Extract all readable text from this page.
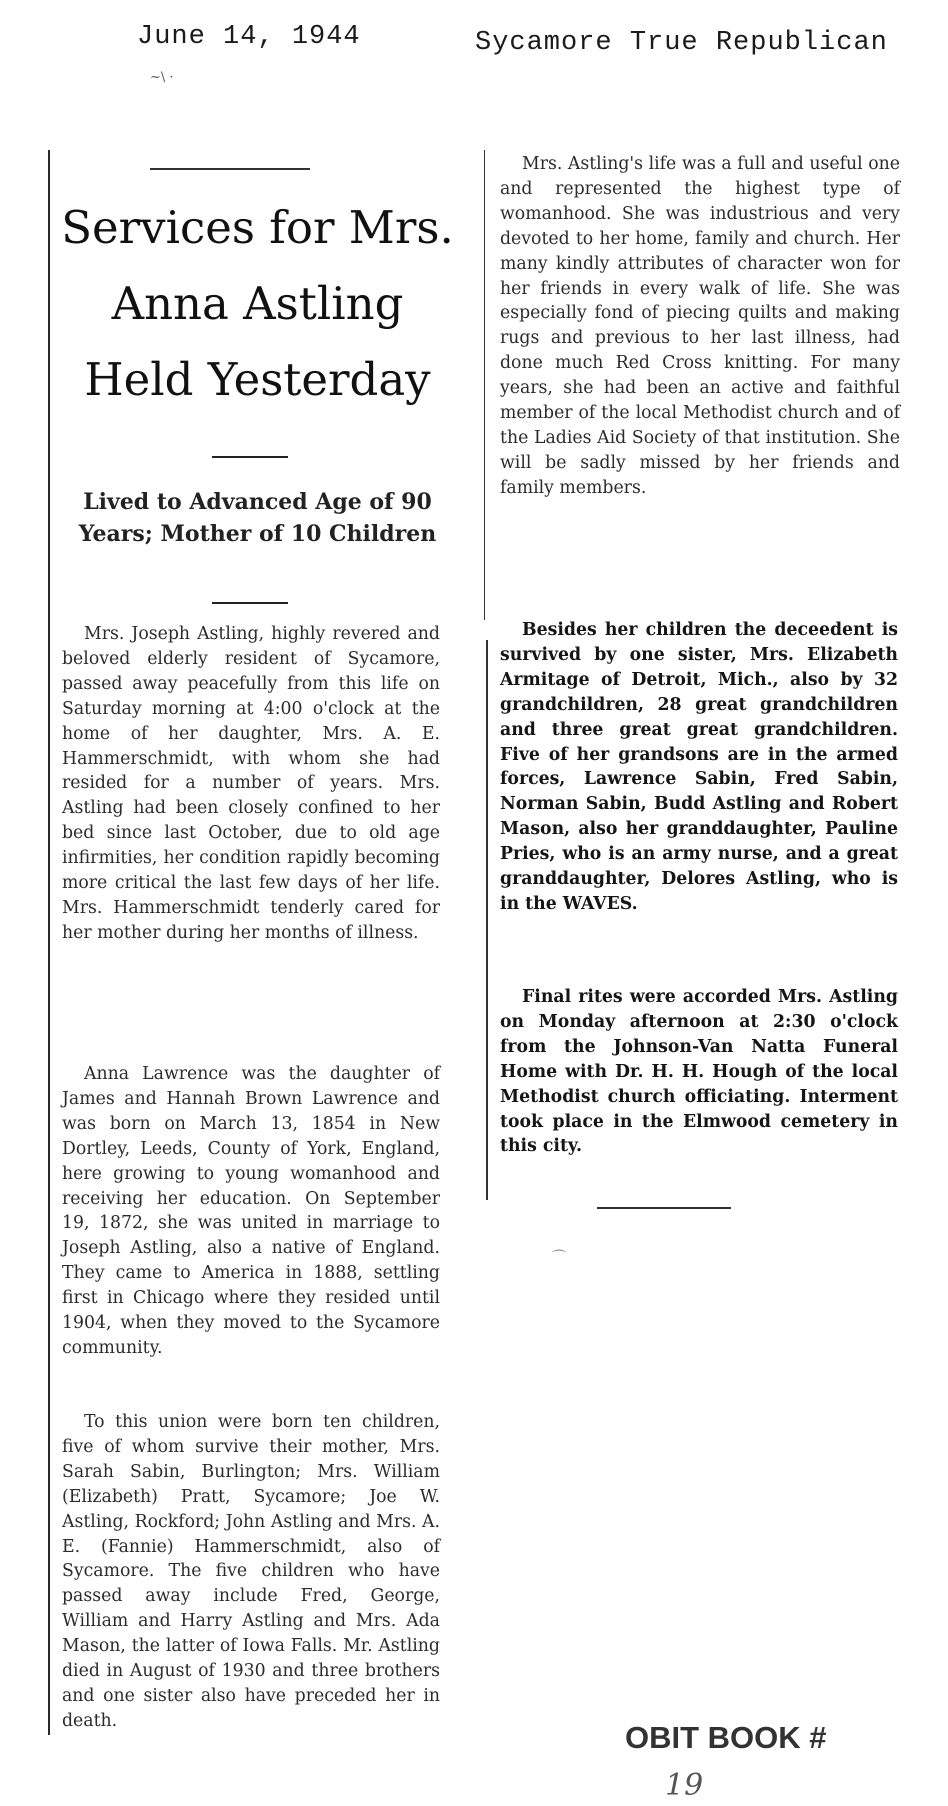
June 14, 1944	Sycamore True Republican
~\ ·
Services for Mrs. Anna Astling Held Yesterday
Lived to Advanced Age of 90 Years; Mother of 10 Children

Mrs. Joseph Astling, highly revered and beloved elderly resident of Sycamore, passed away peacefully from this life on Saturday morning at 4:00 o'clock at the home of her daughter, Mrs. A. E. Hammerschmidt, with whom she had resided for a number of years. Mrs. Astling had been closely confined to her bed since last October, due to old age infirmities, her condition rapidly becoming more critical the last few days of her life. Mrs. Hammerschmidt tenderly cared for her mother during her months of illness.

Anna Lawrence was the daughter of James and Hannah Brown Lawrence and was born on March 13, 1854 in New Dortley, Leeds, County of York, England, here growing to young womanhood and receiving her education. On September 19, 1872, she was united in marriage to Joseph Astling, also a native of England. They came to America in 1888, settling first in Chicago where they resided until 1904, when they moved to the Sycamore community.

To this union were born ten children, five of whom survive their mother, Mrs. Sarah Sabin, Burlington; Mrs. William (Elizabeth) Pratt, Sycamore; Joe W. Astling, Rockford; John Astling and Mrs. A. E. (Fannie) Hammerschmidt, also of Sycamore. The five children who have passed away include Fred, George, William and Harry Astling and Mrs. Ada Mason, the latter of Iowa Falls. Mr. Astling died in August of 1930 and three brothers and one sister also have preceded her in death.

Mrs. Astling's life was a full and useful one and represented the highest type of womanhood. She was industrious and very devoted to her home, family and church. Her many kindly attributes of character won for her friends in every walk of life. She was especially fond of piecing quilts and making rugs and previous to her last illness, had done much Red Cross knitting. For many years, she had been an active and faithful member of the local Methodist church and of the Ladies Aid Society of that institution. She will be sadly missed by her friends and family members.

Besides her children the deceedent is survived by one sister, Mrs. Elizabeth Armitage of Detroit, Mich., also by 32 grandchildren, 28 great grandchildren and three great great grandchildren. Five of her grandsons are in the armed forces, Lawrence Sabin, Fred Sabin, Norman Sabin, Budd Astling and Robert Mason, also her granddaughter, Pauline Pries, who is an army nurse, and a great granddaughter, Delores Astling, who is in the WAVES.

Final rites were accorded Mrs. Astling on Monday afternoon at 2:30 o'clock from the Johnson-Van Natta Funeral Home with Dr. H. H. Hough of the local Methodist church officiating. Interment took place in the Elmwood cemetery in this city.

⌒
OBIT BOOK #
19
